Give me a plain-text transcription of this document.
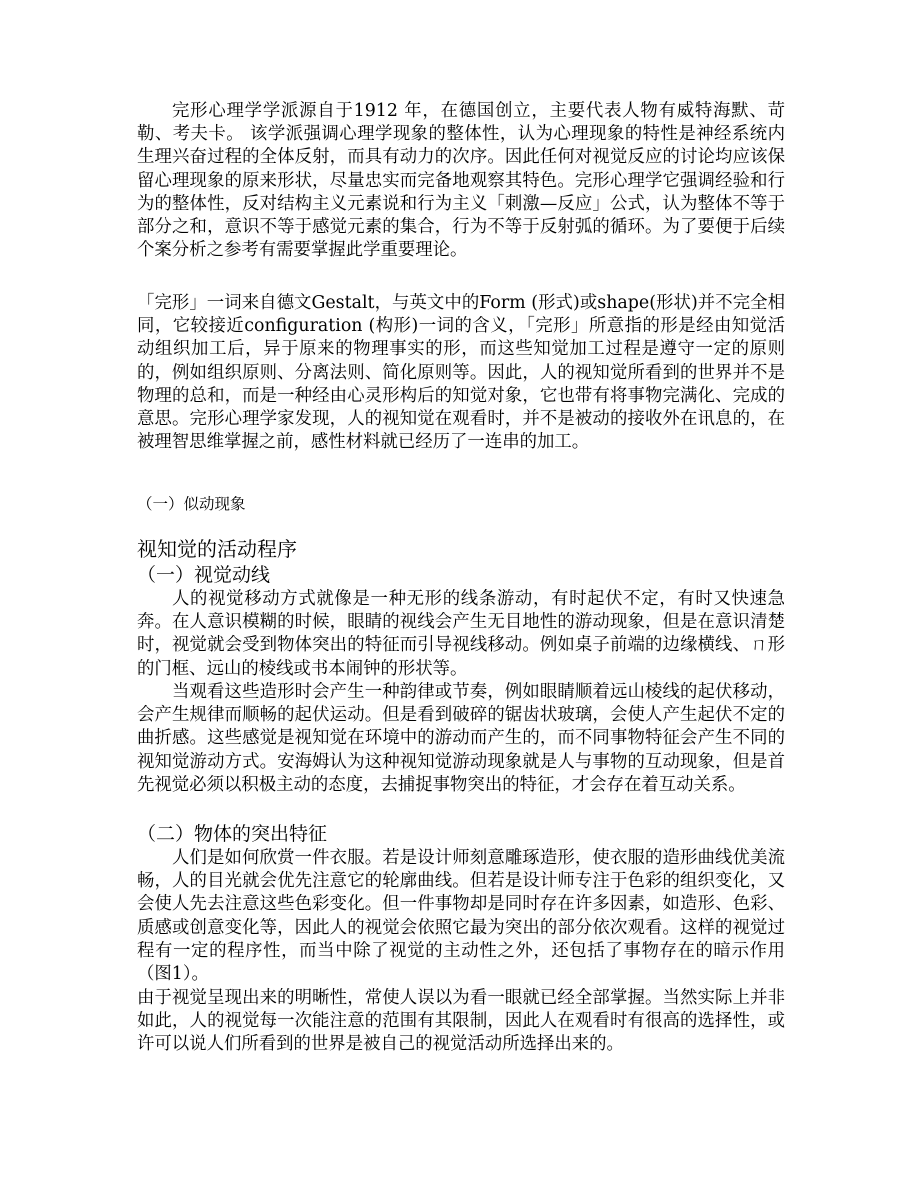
完形心理学学派源自于1912 年，在德国创立，主要代表人物有威特海默、苛勒、考夫卡。 该学派强调心理学现象的整体性，认为心理现象的特性是神经系统内生理兴奋过程的全体反射，而具有动力的次序。因此任何对视觉反应的讨论均应该保留心理现象的原来形状，尽量忠实而完备地观察其特色。完形心理学它强调经验和行为的整体性，反对结构主义元素说和行为主义「刺激—反应」公式，认为整体不等于部分之和，意识不等于感觉元素的集合，行为不等于反射弧的循环。为了要便于后续个案分析之参考有需要掌握此学重要理论。

「完形」一词来自德文Gestalt，与英文中的Form (形式)或shape(形状)并不完全相同，它较接近configuration (构形)一词的含义，「完形」所意指的形是经由知觉活动组织加工后，异于原来的物理事实的形，而这些知觉加工过程是遵守一定的原则的，例如组织原则、分离法则、简化原则等。因此，人的视知觉所看到的世界并不是物理的总和，而是一种经由心灵形构后的知觉对象，它也带有将事物完满化、完成的意思。完形心理学家发现，人的视知觉在观看时，并不是被动的接收外在讯息的，在被理智思维掌握之前，感性材料就已经历了一连串的加工。

（一）似动现象

视知觉的活动程序

（一）视觉动线

人的视觉移动方式就像是一种无形的线条游动，有时起伏不定，有时又快速急奔。在人意识模糊的时候，眼睛的视线会产生无目地性的游动现象，但是在意识清楚时，视觉就会受到物体突出的特征而引导视线移动。例如桌子前端的边缘横线、ㄇ形的门框、远山的棱线或书本闹钟的形状等。

当观看这些造形时会产生一种韵律或节奏，例如眼睛顺着远山棱线的起伏移动，会产生规律而顺畅的起伏运动。但是看到破碎的锯齿状玻璃，会使人产生起伏不定的曲折感。这些感觉是视知觉在环境中的游动而产生的，而不同事物特征会产生不同的视知觉游动方式。安海姆认为这种视知觉游动现象就是人与事物的互动现象，但是首先视觉必须以积极主动的态度，去捕捉事物突出的特征，才会存在着互动关系。

（二）物体的突出特征

人们是如何欣赏一件衣服。若是设计师刻意雕琢造形，使衣服的造形曲线优美流畅，人的目光就会优先注意它的轮廓曲线。但若是设计师专注于色彩的组织变化，又会使人先去注意这些色彩变化。但一件事物却是同时存在许多因素，如造形、色彩、质感或创意变化等，因此人的视觉会依照它最为突出的部分依次观看。这样的视觉过程有一定的程序性，而当中除了视觉的主动性之外，还包括了事物存在的暗示作用（图1）。

由于视觉呈现出来的明晰性，常使人误以为看一眼就已经全部掌握。当然实际上并非如此，人的视觉每一次能注意的范围有其限制，因此人在观看时有很高的选择性，或许可以说人们所看到的世界是被自己的视觉活动所选择出来的。
